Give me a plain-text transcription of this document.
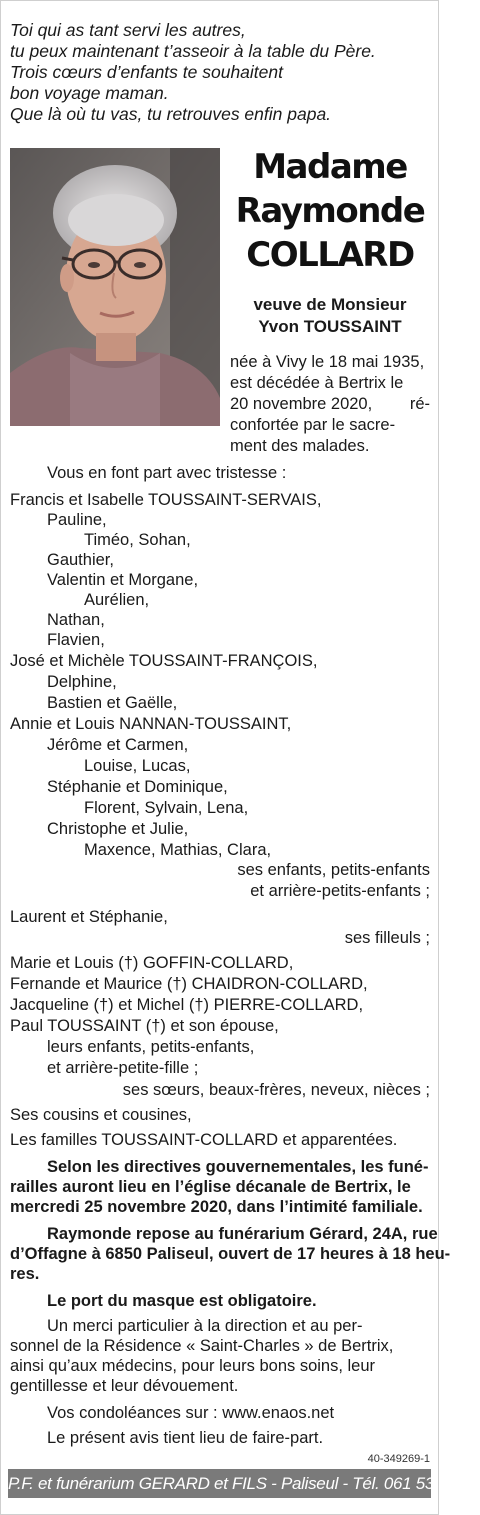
Toi qui as tant servi les autres,
tu peux maintenant t’asseoir à la table du Père.
Trois cœurs d’enfants te souhaitent
bon voyage maman.
Que là où tu vas, tu retrouves enfin papa.
Madame
Raymonde
COLLARD
veuve de Monsieur
Yvon TOUSSAINT
née à Vivy le 18 mai 1935,
est décédée à Bertrix le
20 novembre 2020, ré-
confortée par le sacre-
ment des malades.
Vous en font part avec tristesse :
Francis et Isabelle TOUSSAINT-SERVAIS,
Pauline,
Timéo, Sohan,
Gauthier,
Valentin et Morgane,
Aurélien,
Nathan,
Flavien,
José et Michèle TOUSSAINT-FRANÇOIS,
Delphine,
Bastien et Gaëlle,
Annie et Louis NANNAN-TOUSSAINT,
Jérôme et Carmen,
Louise, Lucas,
Stéphanie et Dominique,
Florent, Sylvain, Lena,
Christophe et Julie,
Maxence, Mathias, Clara,
ses enfants, petits-enfants
et arrière-petits-enfants ;
Laurent et Stéphanie,
ses filleuls ;
Marie et Louis (†) GOFFIN-COLLARD,
Fernande et Maurice (†) CHAIDRON-COLLARD,
Jacqueline (†) et Michel (†) PIERRE-COLLARD,
Paul TOUSSAINT (†) et son épouse,
leurs enfants, petits-enfants,
et arrière-petite-fille ;
ses sœurs, beaux-frères, neveux, nièces ;
Ses cousins et cousines,
Les familles TOUSSAINT-COLLARD et apparentées.
Selon les directives gouvernementales, les funé-
railles auront lieu en l’église décanale de Bertrix, le
mercredi 25 novembre 2020, dans l’intimité familiale.
Raymonde repose au funérarium Gérard, 24A, rue
d’Offagne à 6850 Paliseul, ouvert de 17 heures à 18 heu-
res.
Le port du masque est obligatoire.
Un merci particulier à la direction et au per-
sonnel de la Résidence « Saint-Charles » de Bertrix,
ainsi qu’aux médecins, pour leurs bons soins, leur
gentillesse et leur dévouement.
Vos condoléances sur : www.enaos.net
Le présent avis tient lieu de faire-part.
40-349269-1
P.F. et funérarium GERARD et FILS - Paliseul - Tél. 061 53 32 84
